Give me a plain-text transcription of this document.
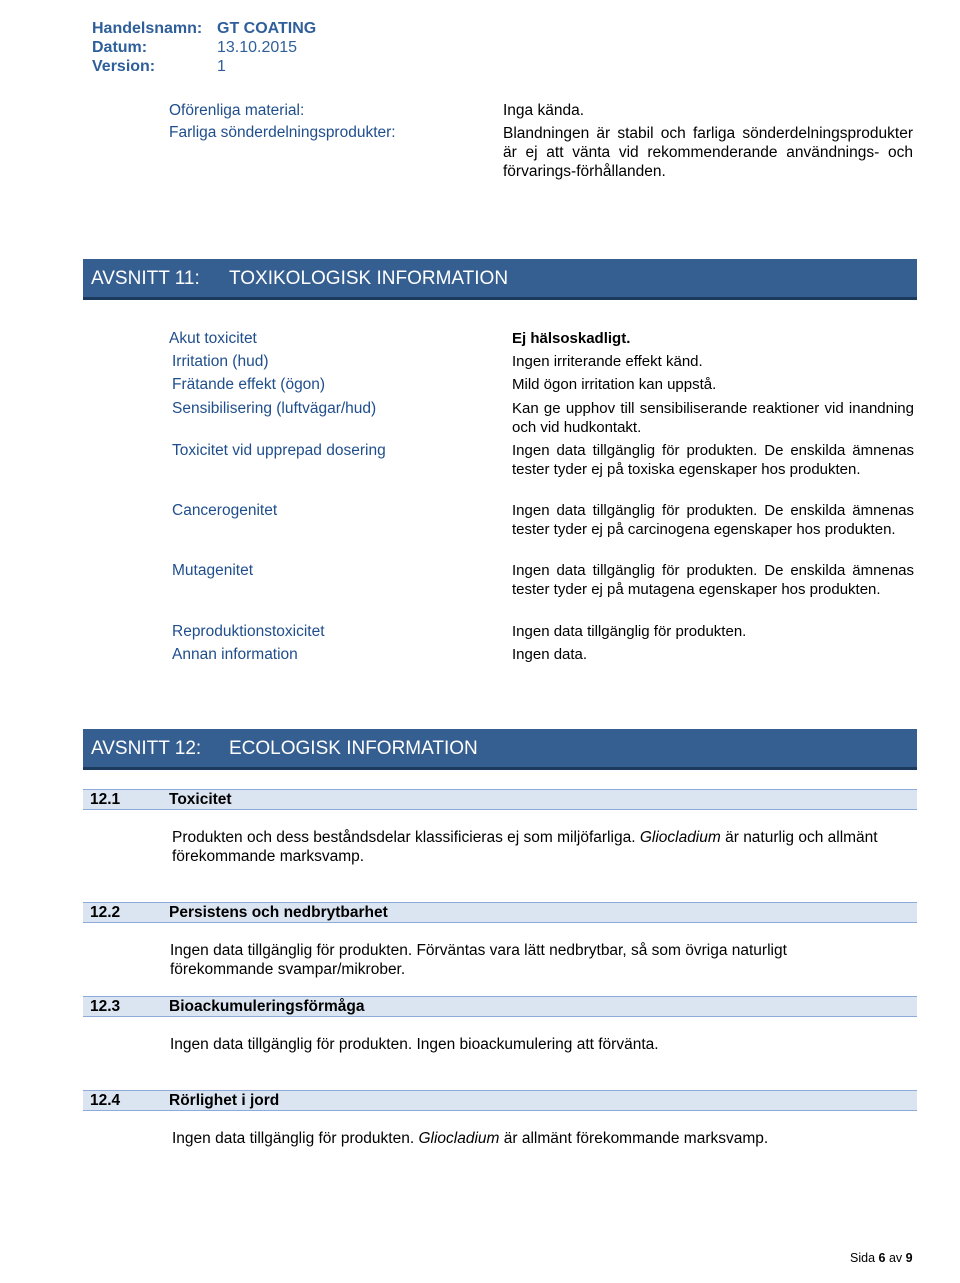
Handelsnamn: GT COATING
Datum:	13.10.2015
Version:	1
Oförenliga material:	Inga kända.
Farliga sönderdelningsprodukter:	Blandningen är stabil och farliga sönderdelningsprodukter är ej att vänta vid rekommenderande användnings- och förvarings-förhållanden.
AVSNITT 11: TOXIKOLOGISK INFORMATION
Akut toxicitet	Ej hälsoskadligt.
Irritation (hud)	Ingen irriterande effekt känd.
Frätande effekt (ögon)	Mild ögon irritation kan uppstå.
Sensibilisering (luftvägar/hud)	Kan ge upphov till sensibiliserande reaktioner vid inandning och vid hudkontakt.
Toxicitet vid upprepad dosering	Ingen data tillgänglig för produkten. De enskilda ämnenas tester tyder ej på toxiska egenskaper hos produkten.
Cancerogenitet	Ingen data tillgänglig för produkten. De enskilda ämnenas tester tyder ej på carcinogena egenskaper hos produkten.
Mutagenitet	Ingen data tillgänglig för produkten. De enskilda ämnenas tester tyder ej på mutagena egenskaper hos produkten.
Reproduktionstoxicitet	Ingen data tillgänglig för produkten.
Annan information	Ingen data.
AVSNITT 12: ECOLOGISK INFORMATION
12.1	Toxicitet
Produkten och dess beståndsdelar klassificieras ej som miljöfarliga. Gliocladium är naturlig och allmänt förekommande marksvamp.
12.2	Persistens och nedbrytbarhet
Ingen data tillgänglig för produkten. Förväntas vara lätt nedbrytbar, så som övriga naturligt förekommande svampar/mikrober.
12.3	Bioackumuleringsförmåga
Ingen data tillgänglig för produkten. Ingen bioackumulering att förvänta.
12.4	Rörlighet i jord
Ingen data tillgänglig för produkten. Gliocladium är allmänt förekommande marksvamp.
Sida 6 av 9
